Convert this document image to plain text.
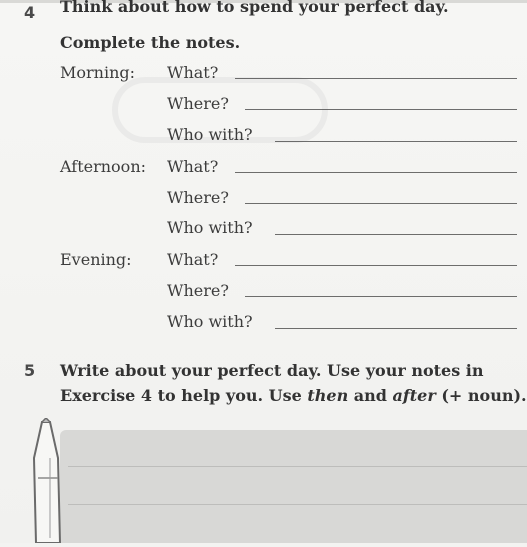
4 Think about how to spend your perfect day.
Complete the notes.
Morning: What?
Where?
Who with?
Afternoon: What?
Where?
Who with?
Evening: What?
Where?
Who with?
5 Write about your perfect day. Use your notes in
Exercise 4 to help you. Use then and after (+ noun).
